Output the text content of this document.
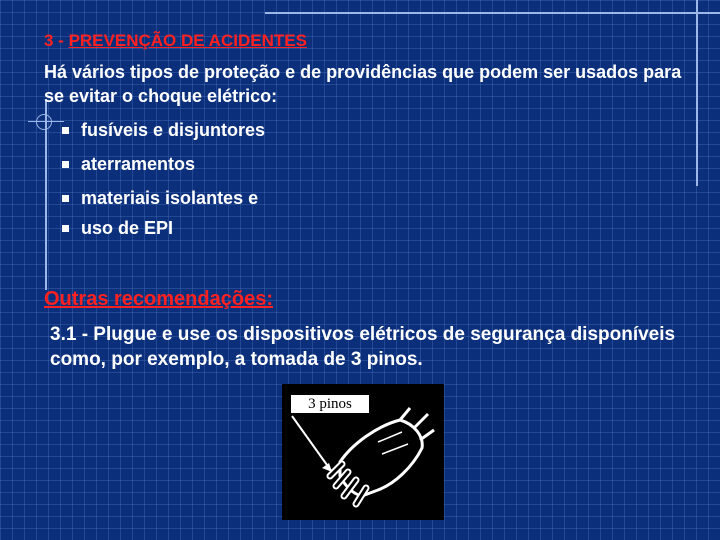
3 - PREVENÇÃO DE ACIDENTES

Há vários tipos de proteção e de providências que podem ser usados para se evitar o choque elétrico:

fusíveis e disjuntores
aterramentos
materiais isolantes e
uso de EPI
Outras recomendações:

3.1 - Plugue e use os dispositivos elétricos de segurança disponíveis como, por exemplo, a tomada de 3 pinos.

3 pinos
